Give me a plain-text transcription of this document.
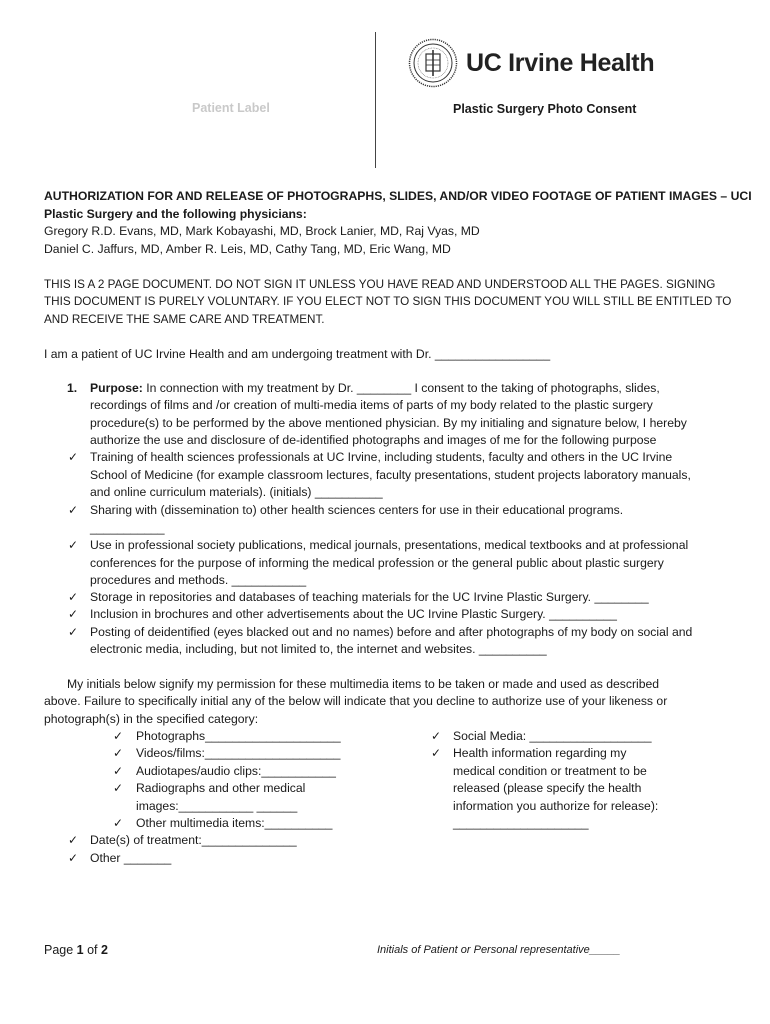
Patient Label
UC Irvine Health
Plastic Surgery Photo Consent
AUTHORIZATION FOR AND RELEASE OF PHOTOGRAPHS, SLIDES, AND/OR VIDEO FOOTAGE OF PATIENT IMAGES – UCI
Plastic Surgery and the following physicians:
Gregory R.D. Evans, MD, Mark Kobayashi, MD, Brock Lanier, MD, Raj Vyas, MD
Daniel C. Jaffurs, MD, Amber R. Leis, MD, Cathy Tang, MD, Eric Wang, MD
THIS IS A 2 PAGE DOCUMENT. DO NOT SIGN IT UNLESS YOU HAVE READ AND UNDERSTOOD ALL THE PAGES. SIGNING
THIS DOCUMENT IS PURELY VOLUNTARY. IF YOU ELECT NOT TO SIGN THIS DOCUMENT YOU WILL STILL BE ENTITLED TO
AND RECEIVE THE SAME CARE AND TREATMENT.
I am a patient of UC Irvine Health and am undergoing treatment with Dr. _________________
1. Purpose: In connection with my treatment by Dr. ________ I consent to the taking of photographs, slides,
recordings of films and /or creation of multi-media items of parts of my body related to the plastic surgery
procedure(s) to be performed by the above mentioned physician. By my initialing and signature below, I hereby
authorize the use and disclosure of de-identified photographs and images of me for the following purpose
✓ Training of health sciences professionals at UC Irvine, including students, faculty and others in the UC Irvine
School of Medicine (for example classroom lectures, faculty presentations, student projects laboratory manuals,
and online curriculum materials). (initials) __________
✓ Sharing with (dissemination to) other health sciences centers for use in their educational programs.
___________
✓ Use in professional society publications, medical journals, presentations, medical textbooks and at professional
conferences for the purpose of informing the medical profession or the general public about plastic surgery
procedures and methods. ___________
✓ Storage in repositories and databases of teaching materials for the UC Irvine Plastic Surgery. ________
✓ Inclusion in brochures and other advertisements about the UC Irvine Plastic Surgery. __________
✓ Posting of deidentified (eyes blacked out and no names) before and after photographs of my body on social and
electronic media, including, but not limited to, the internet and websites. __________
My initials below signify my permission for these multimedia items to be taken or made and used as described
above. Failure to specifically initial any of the below will indicate that you decline to authorize use of your likeness or
photograph(s) in the specified category:
✓ Photographs____________________
✓ Videos/films:____________________
✓ Audiotapes/audio clips:___________
✓ Radiographs and other medical
images:___________ ______
✓ Other multimedia items:__________
✓ Date(s) of treatment:______________
✓ Other _______
✓ Social Media: __________________
✓ Health information regarding my
medical condition or treatment to be
released (please specify the health
information you authorize for release):
____________________
Page 1 of 2	Initials of Patient or Personal representative_____
